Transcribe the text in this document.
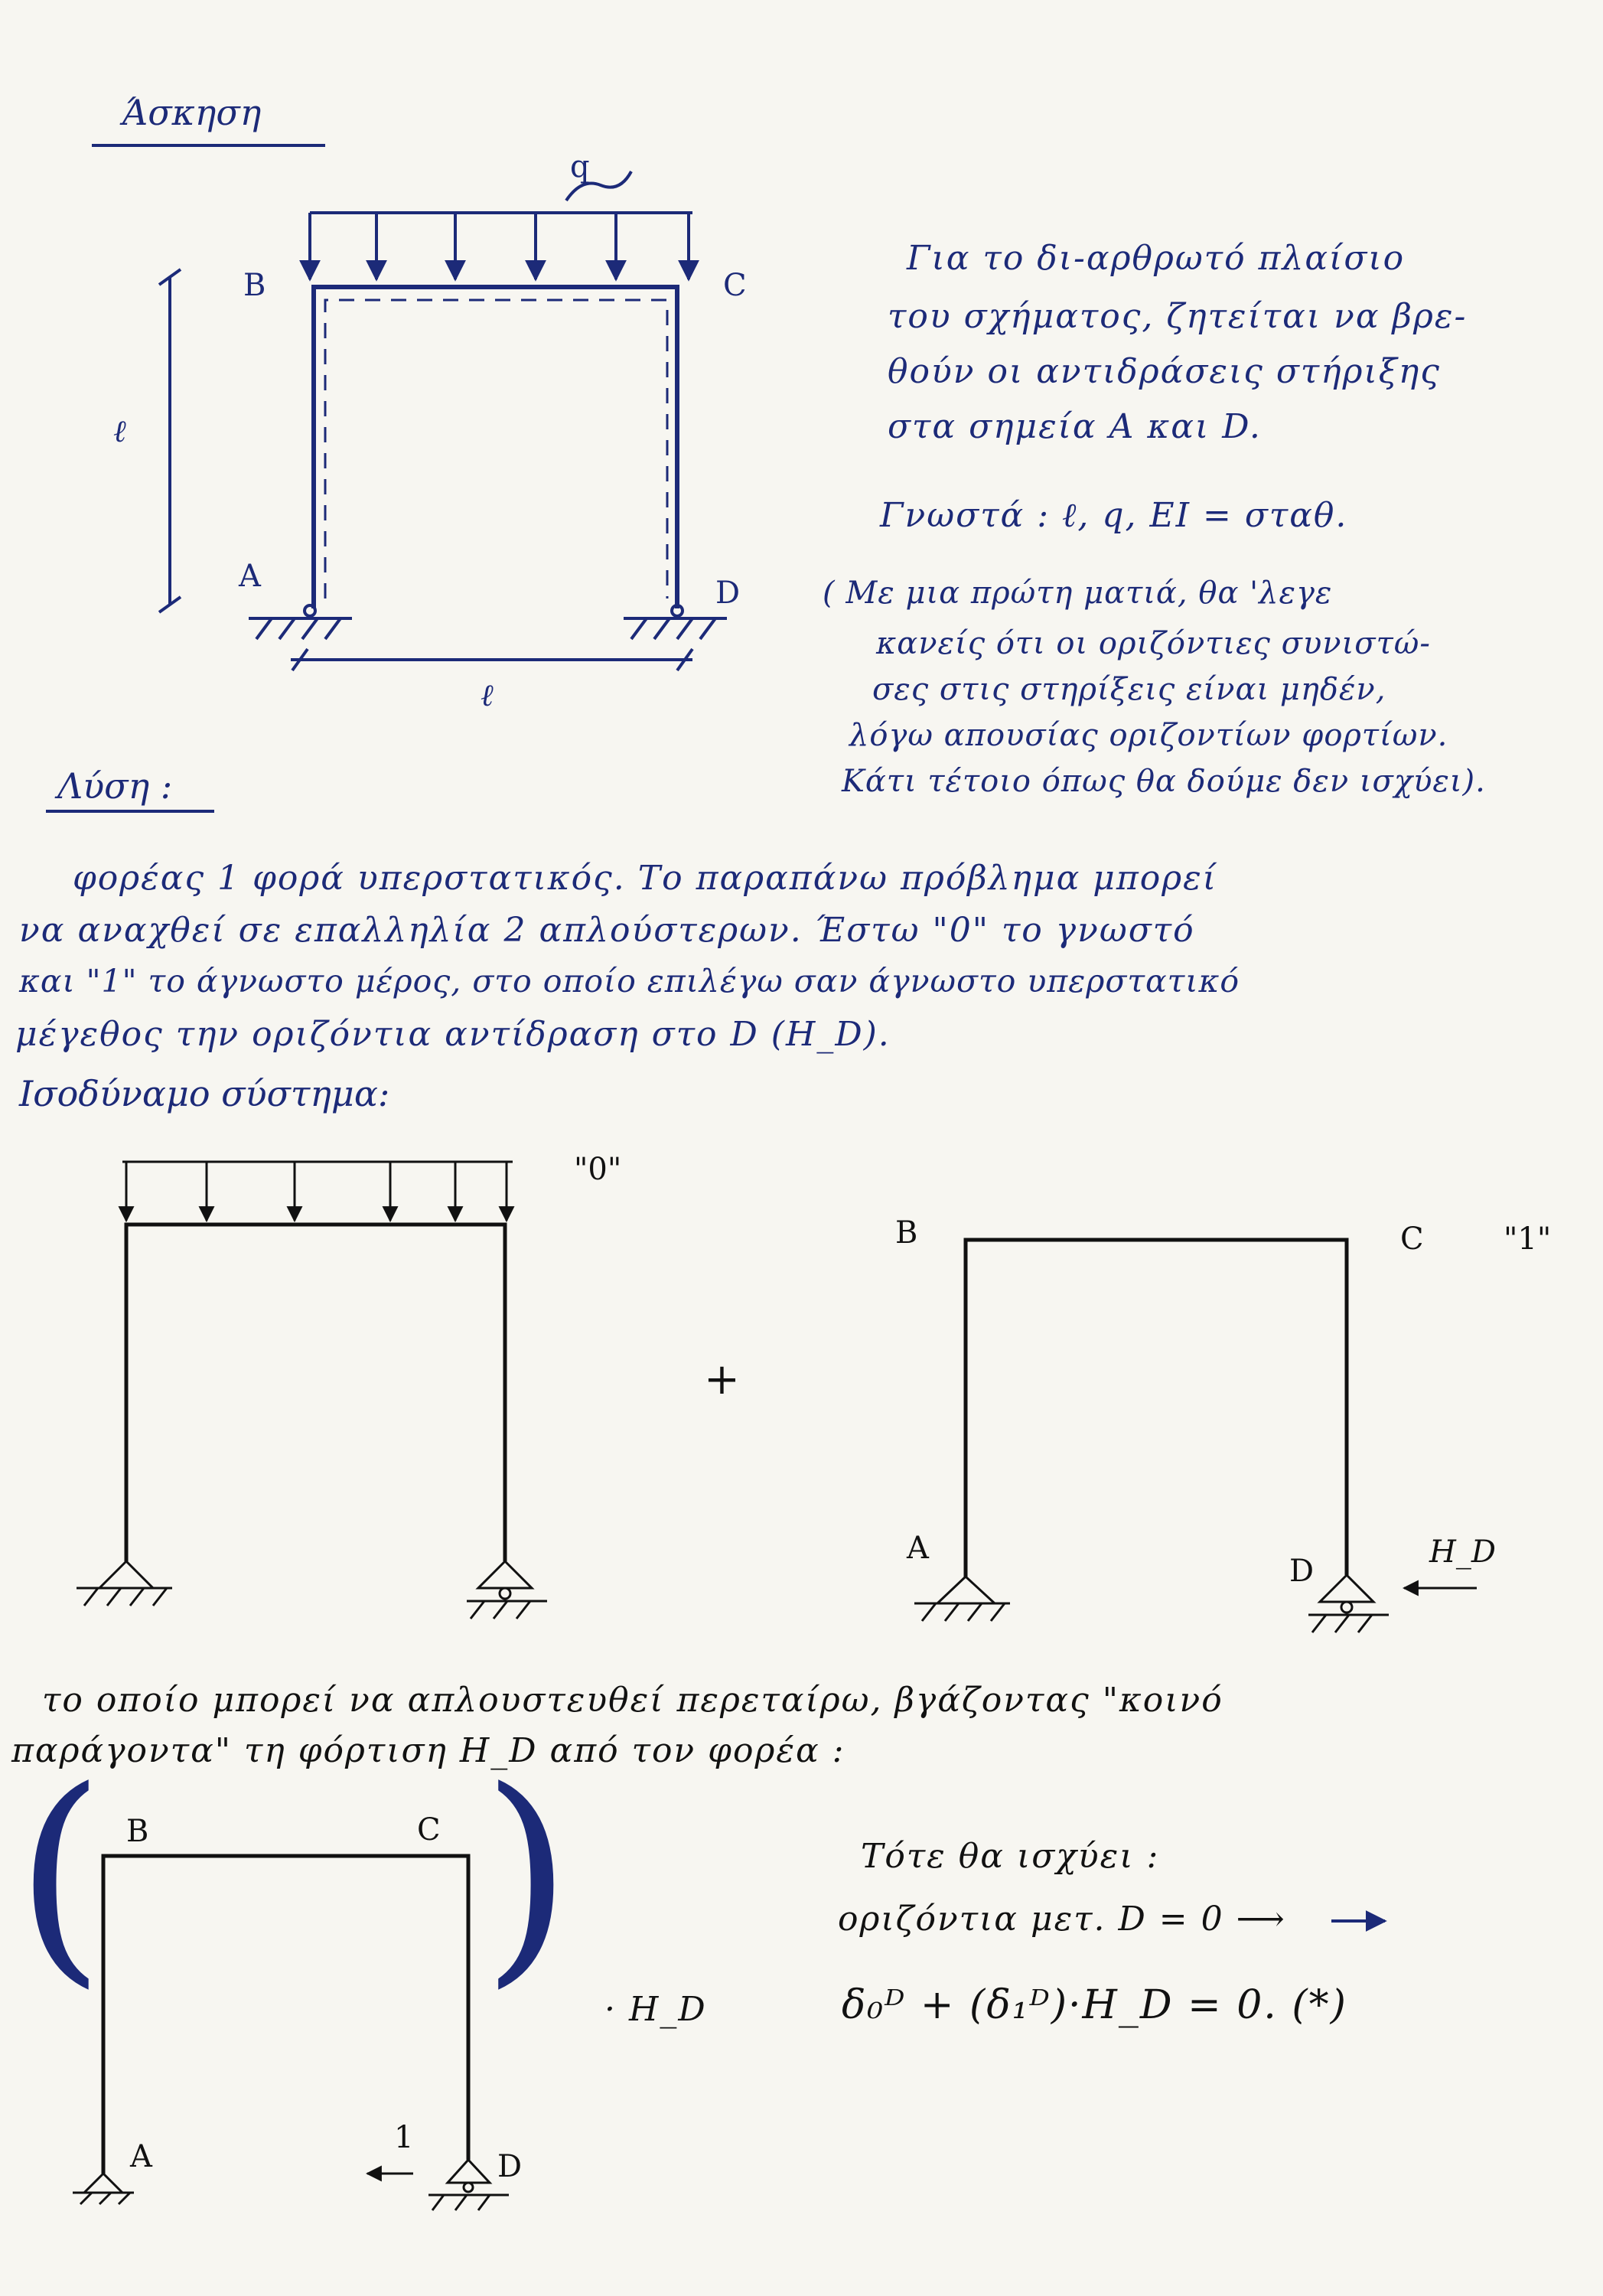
Άσκηση
q
B	C
A	D
ℓ
ℓ
Για το δι-αρθρωτό πλαίσιο
του σχήματος, ζητείται να βρε-
θούν οι αντιδράσεις στήριξης
στα σημεία A και D.
Γνωστά : ℓ, q, EI = σταθ.
( Με μια πρώτη ματιά, θα 'λεγε
κανείς ότι οι οριζόντιες συνιστώ-
σες στις στηρίξεις είναι μηδέν,
λόγω απουσίας οριζοντίων φορτίων.
Κάτι τέτοιο όπως θα δούμε δεν ισχύει).
Λύση :
φορέας 1 φορά υπερστατικός. Το παραπάνω πρόβλημα μπορεί
να αναχθεί σε επαλληλία 2 απλούστερων. Έστω "0" το γνωστό
και "1" το άγνωστο μέρος, στο οποίο επιλέγω σαν άγνωστο υπερστατικό
μέγεθος την οριζόντια αντίδραση στο D (H_D).
Ισοδύναμο σύστημα:
"0"
+
B	C	"1"
A
D
H_D
το οποίο μπορεί να απλουστευθεί περεταίρω, βγάζοντας "κοινό
παράγοντα" τη φόρτιση H_D από τον φορέα :
( )
B	C
A	D
1
· H_D
Τότε θα ισχύει :
οριζόντια μετ. D = 0 ⟶
δ₀ᴰ + (δ₁ᴰ)·H_D = 0. (*)
